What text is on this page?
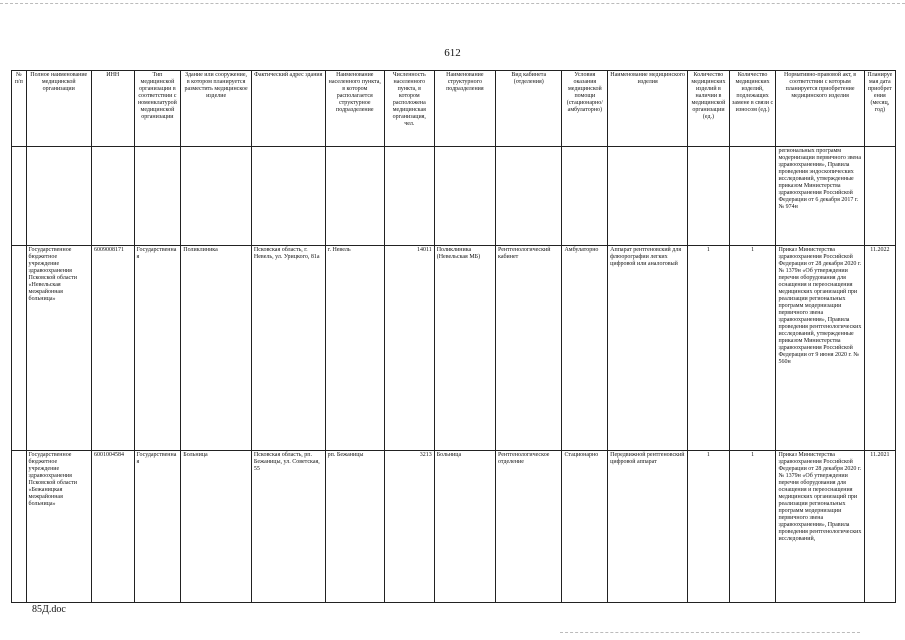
612
№ п/п	Полное наименование медицинской организации	ИНН	Тип медицинской организации в соответствии с номенклатурой медицинской организации	Здание или сооружение, в котором планируется разместить медицинское изделие	Фактический адрес здания	Наименование населенного пункта, в котором располагается структурное подразделение	Численность населенного пункта, в котором расположена медицинская организация, чел.	Наименование структурного подразделения	Вид кабинета (отделения)	Условия оказания медицинской помощи (стационарно/амбулаторно)	Наименование медицинского изделия	Количество медицинских изделий в наличии в медицинской организации (ед.)	Количество медицинских изделий, подлежащих замене в связи с износом (ед.)	Нормативно-правовой акт, в соответствии с которым планируется приобретение медицинского изделия	Планируемая дата приобретения (месяц, год)
														региональных программ модернизации первичного звена здравоохранения», Правила проведения эндоскопических исследований, утвержденные приказом Министерства здравоохранения Российской Федерации от 6 декабря 2017 г. № 974н	
	Государственное бюджетное учреждение здравоохранения Псковской области «Невельская межрайонная больница»	6009008171	Государственная	Поликлиника	Псковская область, г. Невель, ул. Урицкого, 81а	г. Невель	14011	Поликлиника (Невельская МБ)	Рентгенологический кабинет	Амбулаторно	Аппарат рентгеновский для флюорографии легких цифровой или аналоговый	1	1	Приказ Министерства здравоохранения Российской Федерации от 28 декабря 2020 г. № 1379н «Об утверждении перечня оборудования для оснащения и переоснащения медицинских организаций при реализации региональных программ модернизации первичного звена здравоохранения», Правила проведения рентгенологических исследований, утвержденные приказом Министерства здравоохранения Российской Федерации от 9 июня 2020 г. № 560н	11.2022
	Государственное бюджетное учреждение здравоохранения Псковской области «Бежаницкая межрайонная больница»	6001004584	Государственная	Больница	Псковская область, рп. Бежаницы, ул. Советская, 55	рп. Бежаницы	3213	Больница	Рентгенологическое отделение	Стационарно	Передвижной рентгеновский цифровой аппарат	1	1	Приказ Министерства здравоохранения Российской Федерации от 28 декабря 2020 г. № 1379н «Об утверждении перечня оборудования для оснащения и переоснащения медицинских организаций при реализации региональных программ модернизации первичного звена здравоохранения», Правила проведения рентгенологических исследований,	11.2021
85Д.doc
